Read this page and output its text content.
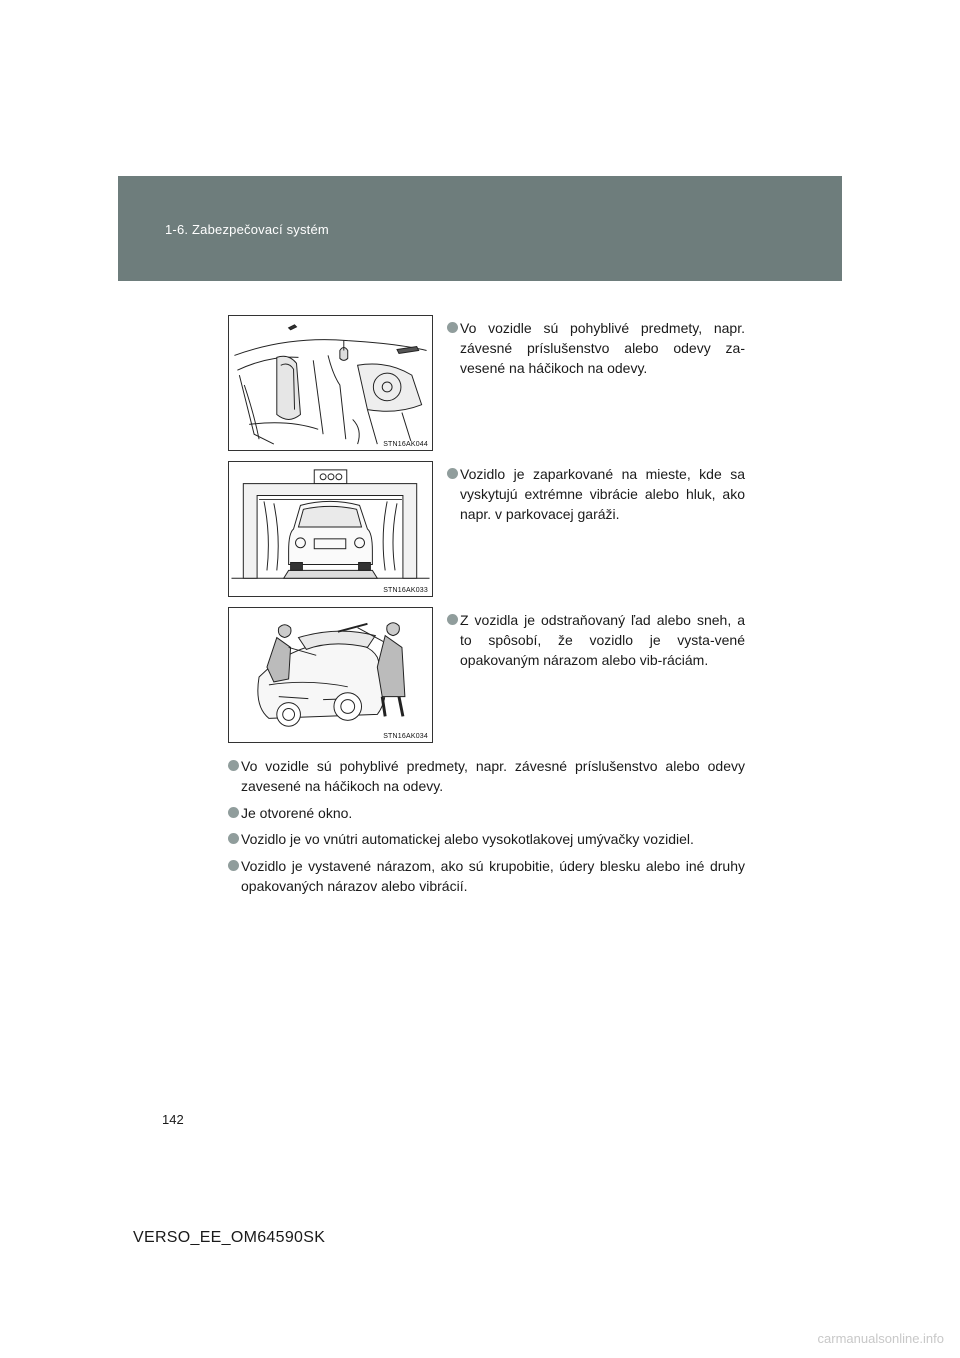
1-6. Zabezpečovací systém
STN16AK044
STN16AK033
STN16AK034
Vo vozidle sú pohyblivé predmety, napr. závesné príslušenstvo alebo odevy za-vesené na háčikoch na odevy.
Vozidlo je zaparkované na mieste, kde sa vyskytujú extrémne vibrácie alebo hluk, ako napr. v parkovacej garáži.
Z vozidla je odstraňovaný ľad alebo sneh, a to spôsobí, že vozidlo je vysta-vené opakovaným nárazom alebo vib-ráciám.
Vo vozidle sú pohyblivé predmety, napr. závesné príslušenstvo alebo odevy zavesené na háčikoch na odevy.
Je otvorené okno.
Vozidlo je vo vnútri automatickej alebo vysokotlakovej umývačky vozidiel.
Vozidlo je vystavené nárazom, ako sú krupobitie, údery blesku alebo iné druhy opakovaných nárazov alebo vibrácií.
142
VERSO_EE_OM64590SK
carmanualsonline.info
